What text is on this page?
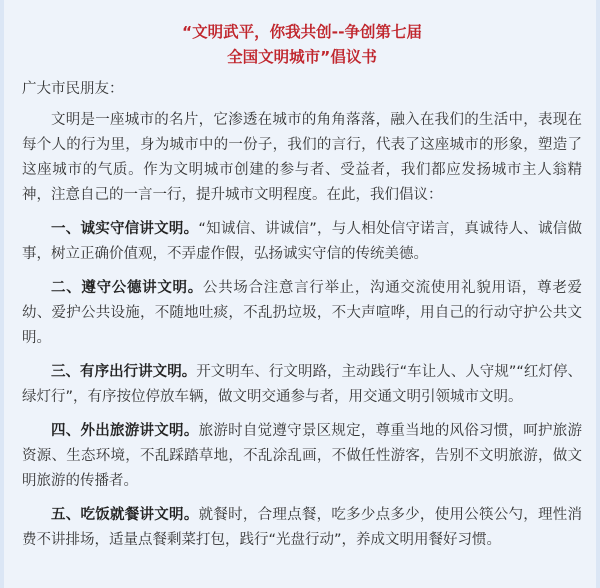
“文明武平，你我共创--争创第七届
全国文明城市”倡议书
广大市民朋友：
文明是一座城市的名片，它渗透在城市的角角落落，融入在我们的生活中，表现在每个人的行为里，身为城市中的一份子，我们的言行，代表了这座城市的形象，塑造了这座城市的气质。作为文明城市创建的参与者、受益者，我们都应发扬城市主人翁精神，注意自己的一言一行，提升城市文明程度。在此，我们倡议：
一、诚实守信讲文明。“知诚信、讲诚信”，与人相处信守诺言，真诚待人、诚信做事，树立正确价值观，不弄虚作假，弘扬诚实守信的传统美德。
二、遵守公德讲文明。公共场合注意言行举止，沟通交流使用礼貌用语，尊老爱幼、爱护公共设施，不随地吐痰，不乱扔垃圾，不大声喧哗，用自己的行动守护公共文明。
三、有序出行讲文明。开文明车、行文明路，主动践行“车让人、人守规”“红灯停、绿灯行”，有序按位停放车辆，做文明交通参与者，用交通文明引领城市文明。
四、外出旅游讲文明。旅游时自觉遵守景区规定，尊重当地的风俗习惯，呵护旅游资源、生态环境，不乱踩踏草地，不乱涂乱画，不做任性游客，告别不文明旅游，做文明旅游的传播者。
五、吃饭就餐讲文明。就餐时，合理点餐，吃多少点多少，使用公筷公勺，理性消费不讲排场，适量点餐剩菜打包，践行“光盘行动”，养成文明用餐好习惯。
